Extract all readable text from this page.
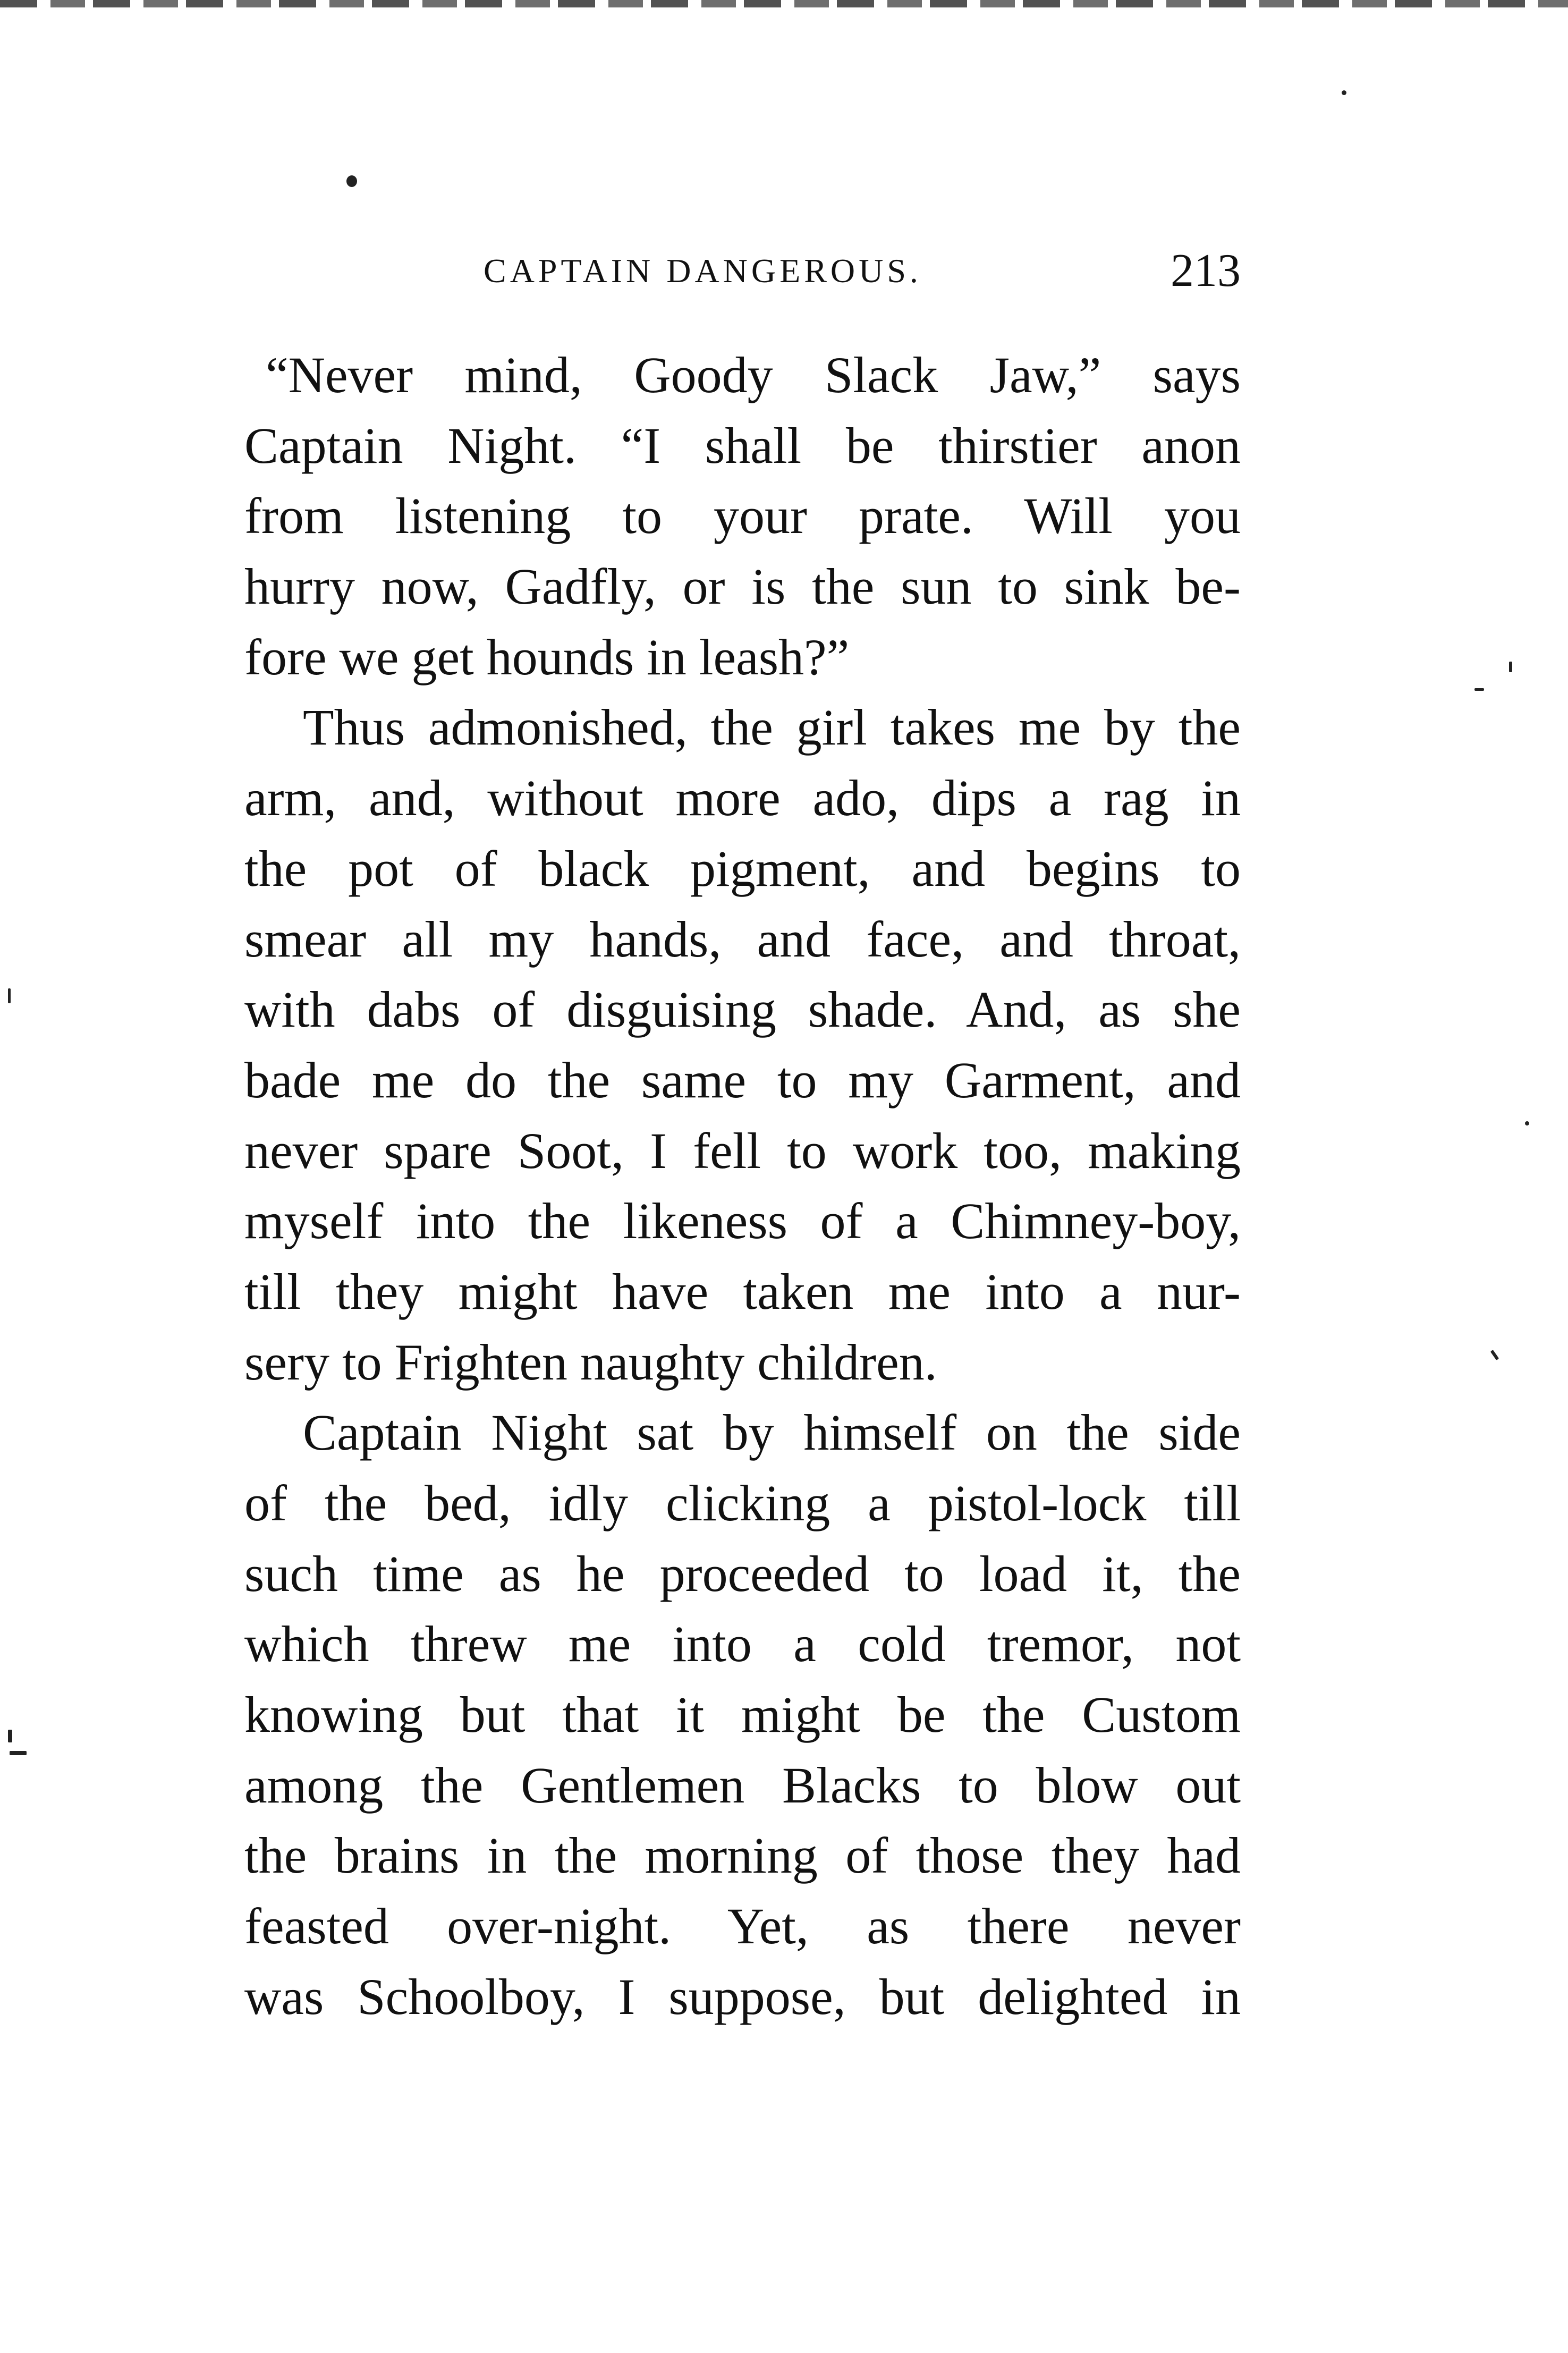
CAPTAIN DANGEROUS.	213
“Never mind, Goody Slack Jaw,” says
Captain Night. “I shall be thirstier anon
from listening to your prate. Will you
hurry now, Gadfly, or is the sun to sink be-
fore we get hounds in leash?”
Thus admonished, the girl takes me by the
arm, and, without more ado, dips a rag in
the pot of black pigment, and begins to
smear all my hands, and face, and throat,
with dabs of disguising shade. And, as she
bade me do the same to my Garment, and
never spare Soot, I fell to work too, making
myself into the likeness of a Chimney-boy,
till they might have taken me into a nur-
sery to Frighten naughty children.
Captain Night sat by himself on the side
of the bed, idly clicking a pistol-lock till
such time as he proceeded to load it, the
which threw me into a cold tremor, not
knowing but that it might be the Custom
among the Gentlemen Blacks to blow out
the brains in the morning of those they had
feasted over-night. Yet, as there never
was Schoolboy, I suppose, but delighted in
